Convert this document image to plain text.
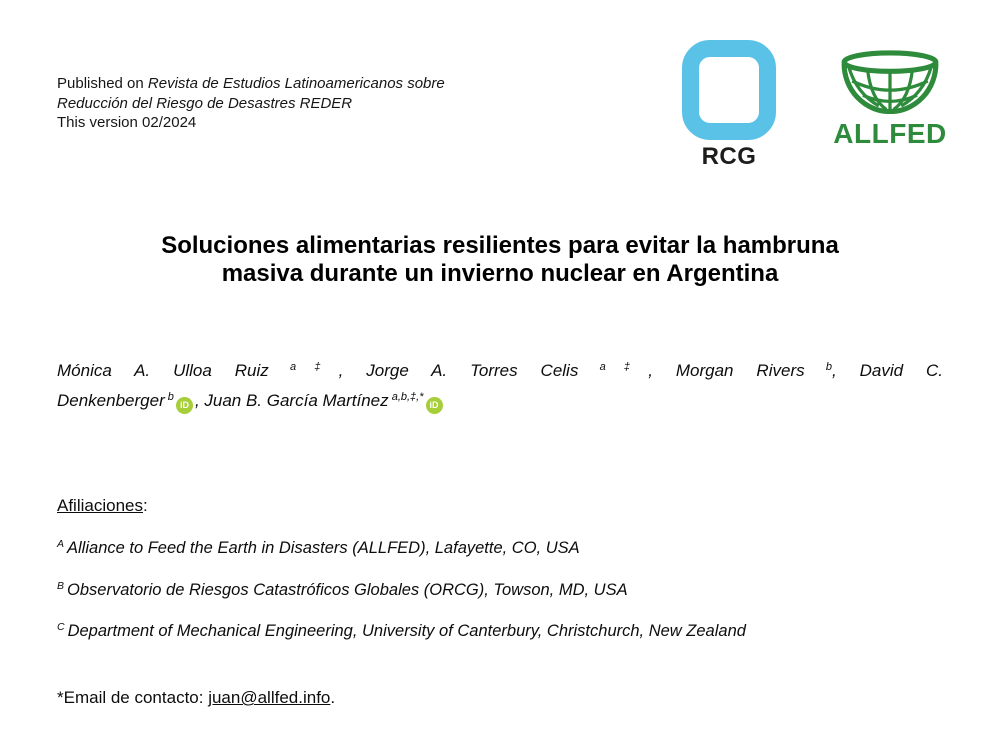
Published on Revista de Estudios Latinoamericanos sobre
Reducción del Riesgo de Desastres REDER
This version 02/2024
RCG
ALLFED
Soluciones alimentarias resilientes para evitar la hambruna
masiva durante un invierno nuclear en Argentina

Mónica A. Ulloa Ruiz $^{a\ddagger}$, Jorge A. Torres Celis $^{a\ddagger}$, Morgan Rivers $^b$, David C.
Denkenberger $^b$iD , Juan B. García Martínez $^{a,b,\ddagger,*}$iD

Afiliaciones:

$^A$ Alliance to Feed the Earth in Disasters (ALLFED), Lafayette, CO, USA

$^B$ Observatorio de Riesgos Catastróficos Globales (ORCG), Towson, MD, USA

$^C$ Department of Mechanical Engineering, University of Canterbury, Christchurch, New Zealand

*Email de contacto: juan@allfed.info.
